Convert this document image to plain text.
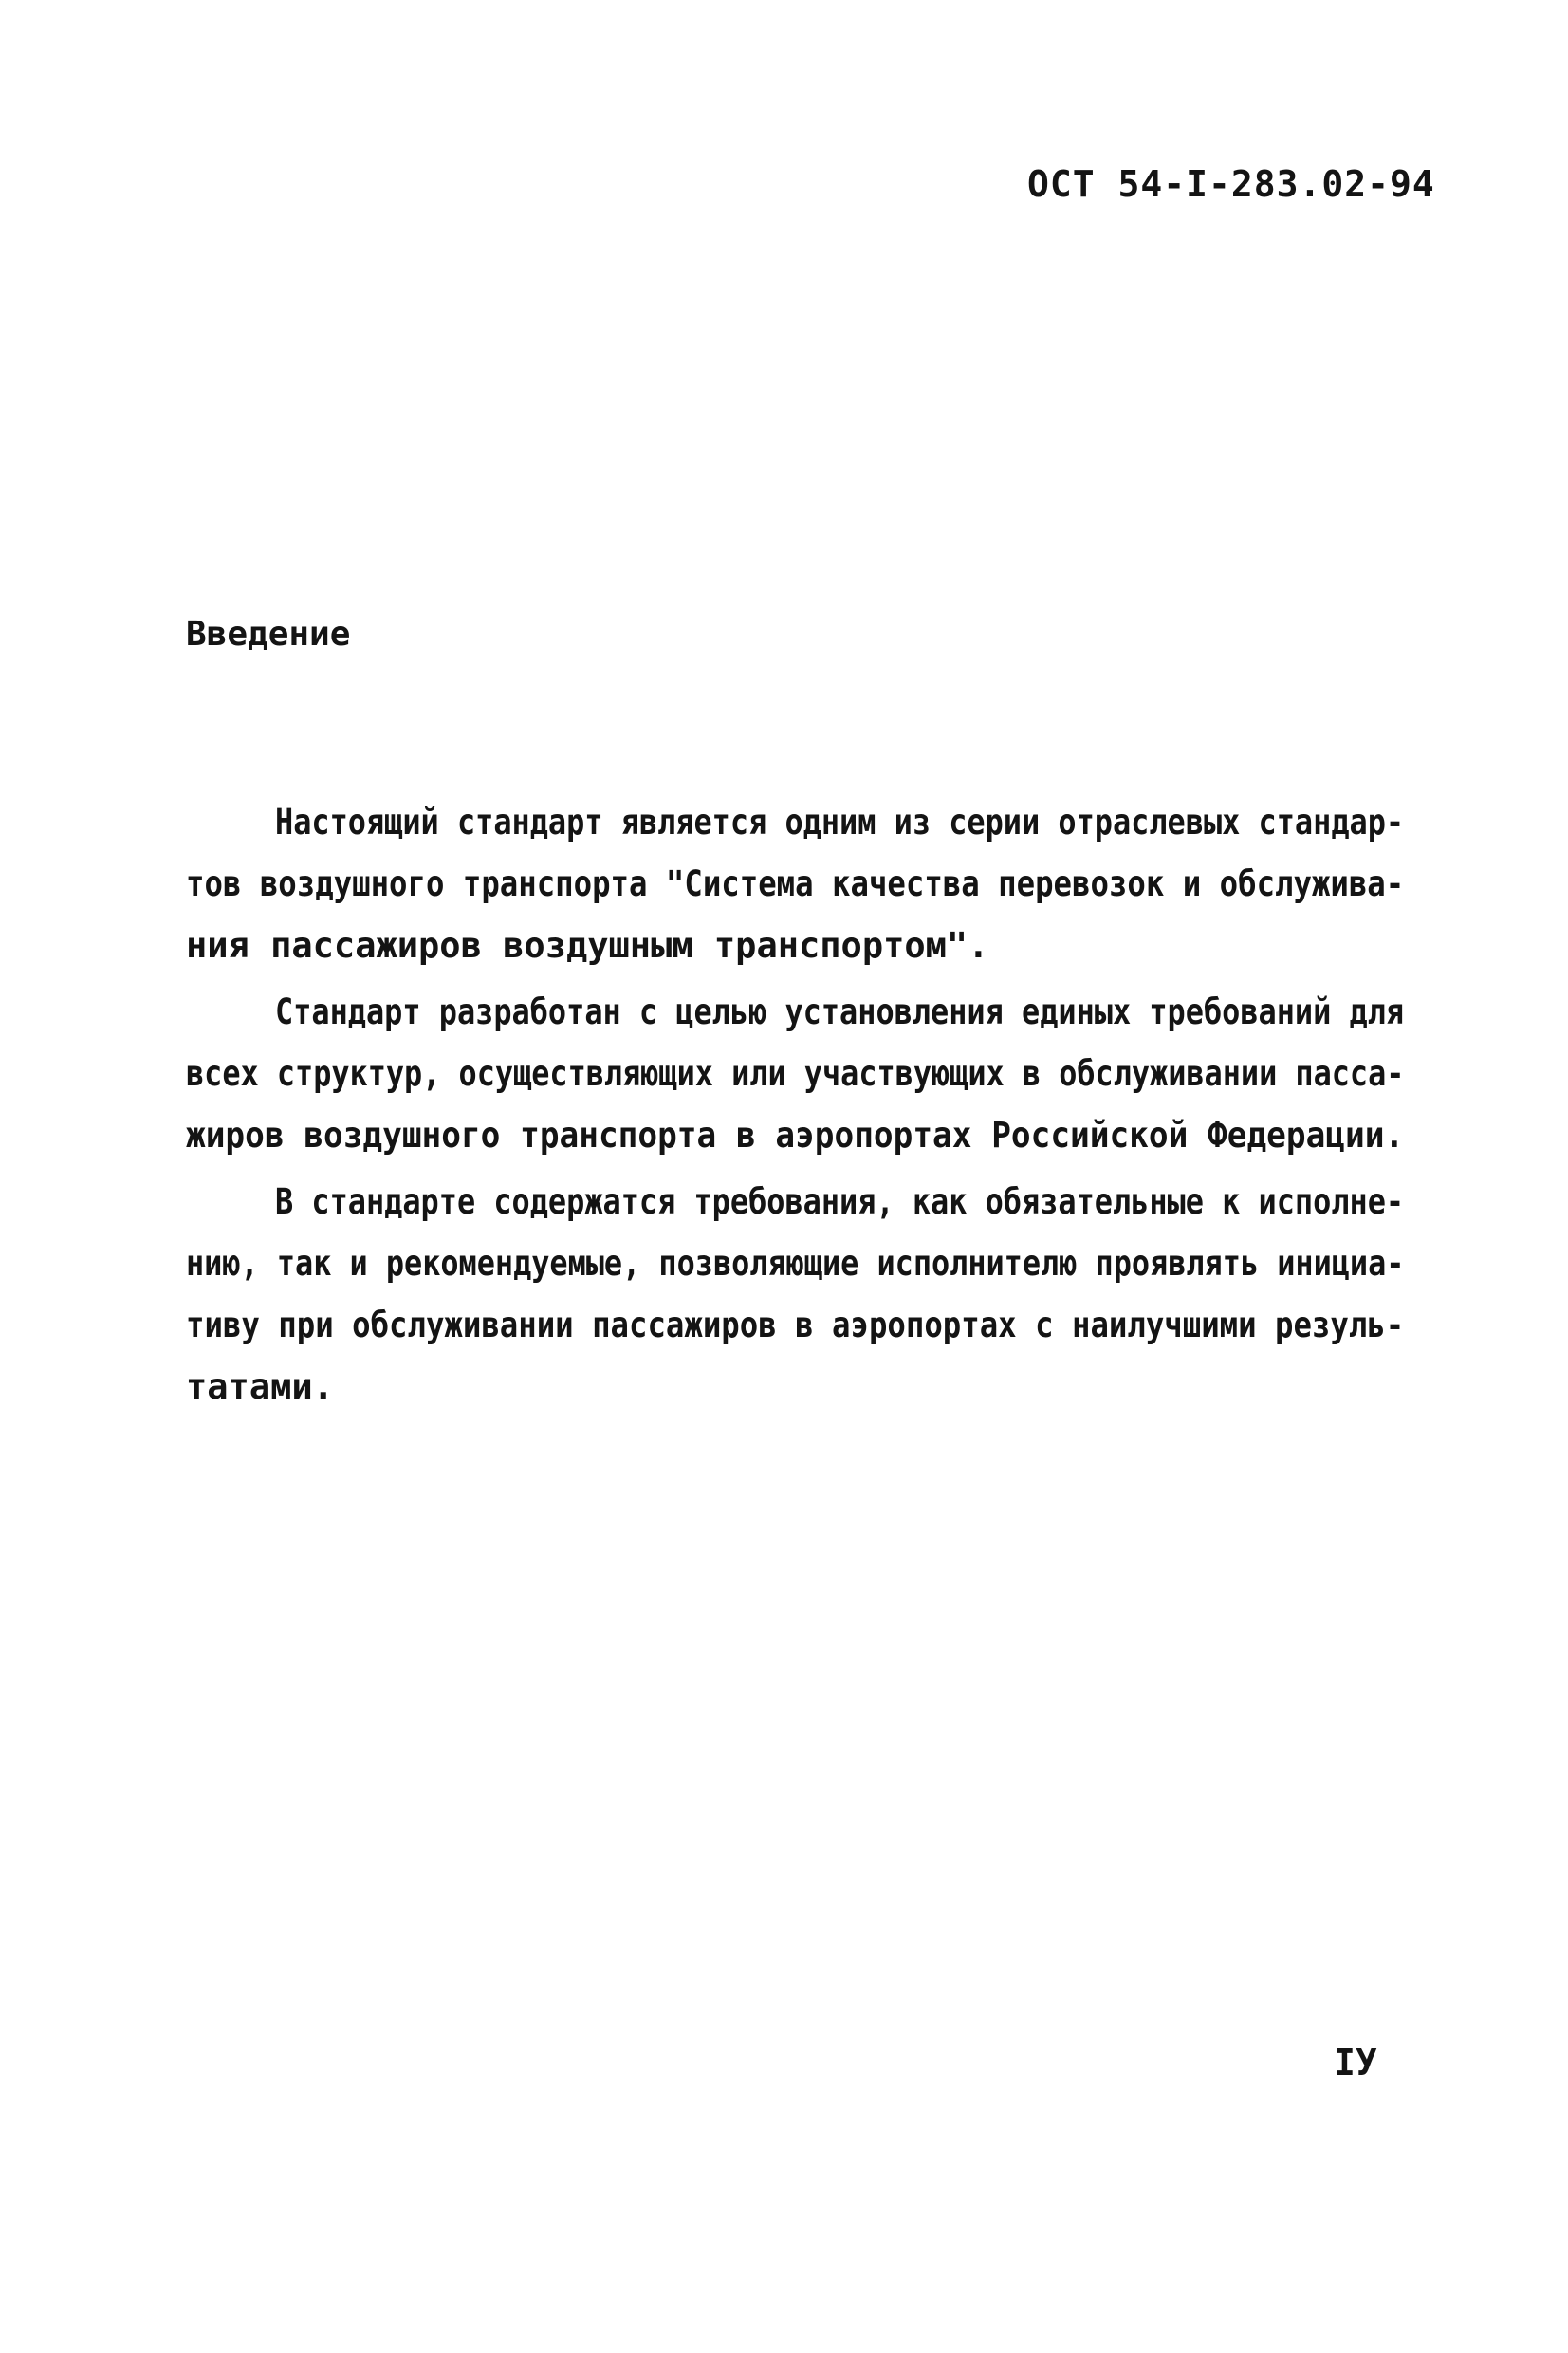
ОСТ 54-I-283.02-94
Введение
Настоящий стандарт является одним из серии отраслевых стандар-
тов воздушного транспорта "Система качества перевозок и обслужива-
ния пассажиров воздушным транспортом".
Стандарт разработан с целью установления единых требований для
всех структур, осуществляющих или участвующих в обслуживании пасса-
жиров воздушного транспорта в аэропортах Российской Федерации.
В стандарте содержатся требования, как обязательные к исполне-
нию, так и рекомендуемые, позволяющие исполнителю проявлять инициа-
тиву при обслуживании пассажиров в аэропортах с наилучшими резуль-
татами.
IУ
